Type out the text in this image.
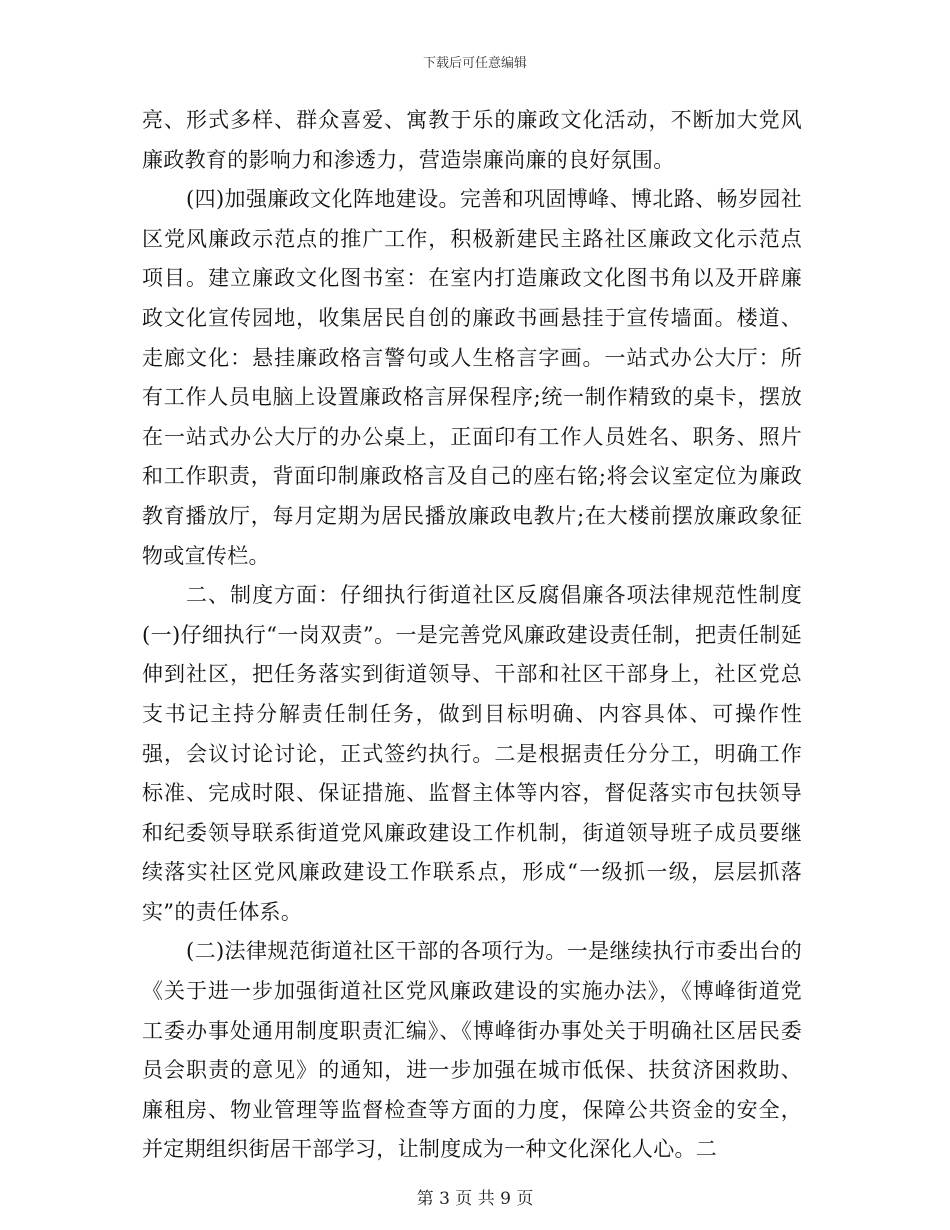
下载后可任意编辑

亮、形式多样、群众喜爱、寓教于乐的廉政文化活动，不断加大党风廉政教育的影响力和渗透力，营造崇廉尚廉的良好氛围。

(四)加强廉政文化阵地建设。完善和巩固博峰、博北路、畅岁园社区党风廉政示范点的推广工作，积极新建民主路社区廉政文化示范点项目。建立廉政文化图书室：在室内打造廉政文化图书角以及开辟廉政文化宣传园地，收集居民自创的廉政书画悬挂于宣传墙面。楼道、走廊文化：悬挂廉政格言警句或人生格言字画。一站式办公大厅：所有工作人员电脑上设置廉政格言屏保程序;统一制作精致的桌卡，摆放在一站式办公大厅的办公桌上，正面印有工作人员姓名、职务、照片和工作职责，背面印制廉政格言及自己的座右铭;将会议室定位为廉政教育播放厅，每月定期为居民播放廉政电教片;在大楼前摆放廉政象征物或宣传栏。

二、制度方面：仔细执行街道社区反腐倡廉各项法律规范性制度(一)仔细执行“一岗双责”。一是完善党风廉政建设责任制，把责任制延伸到社区，把任务落实到街道领导、干部和社区干部身上，社区党总支书记主持分解责任制任务，做到目标明确、内容具体、可操作性强，会议讨论讨论，正式签约执行。二是根据责任分分工，明确工作标准、完成时限、保证措施、监督主体等内容，督促落实市包扶领导和纪委领导联系街道党风廉政建设工作机制，街道领导班子成员要继续落实社区党风廉政建设工作联系点，形成“一级抓一级，层层抓落实”的责任体系。

(二)法律规范街道社区干部的各项行为。一是继续执行市委出台的《关于进一步加强街道社区党风廉政建设的实施办法》，《博峰街道党工委办事处通用制度职责汇编》、《博峰街办事处关于明确社区居民委员会职责的意见》的通知，进一步加强在城市低保、扶贫济困救助、廉租房、物业管理等监督检查等方面的力度，保障公共资金的安全，并定期组织街居干部学习，让制度成为一种文化深化人心。二

第 3 页 共 9 页
